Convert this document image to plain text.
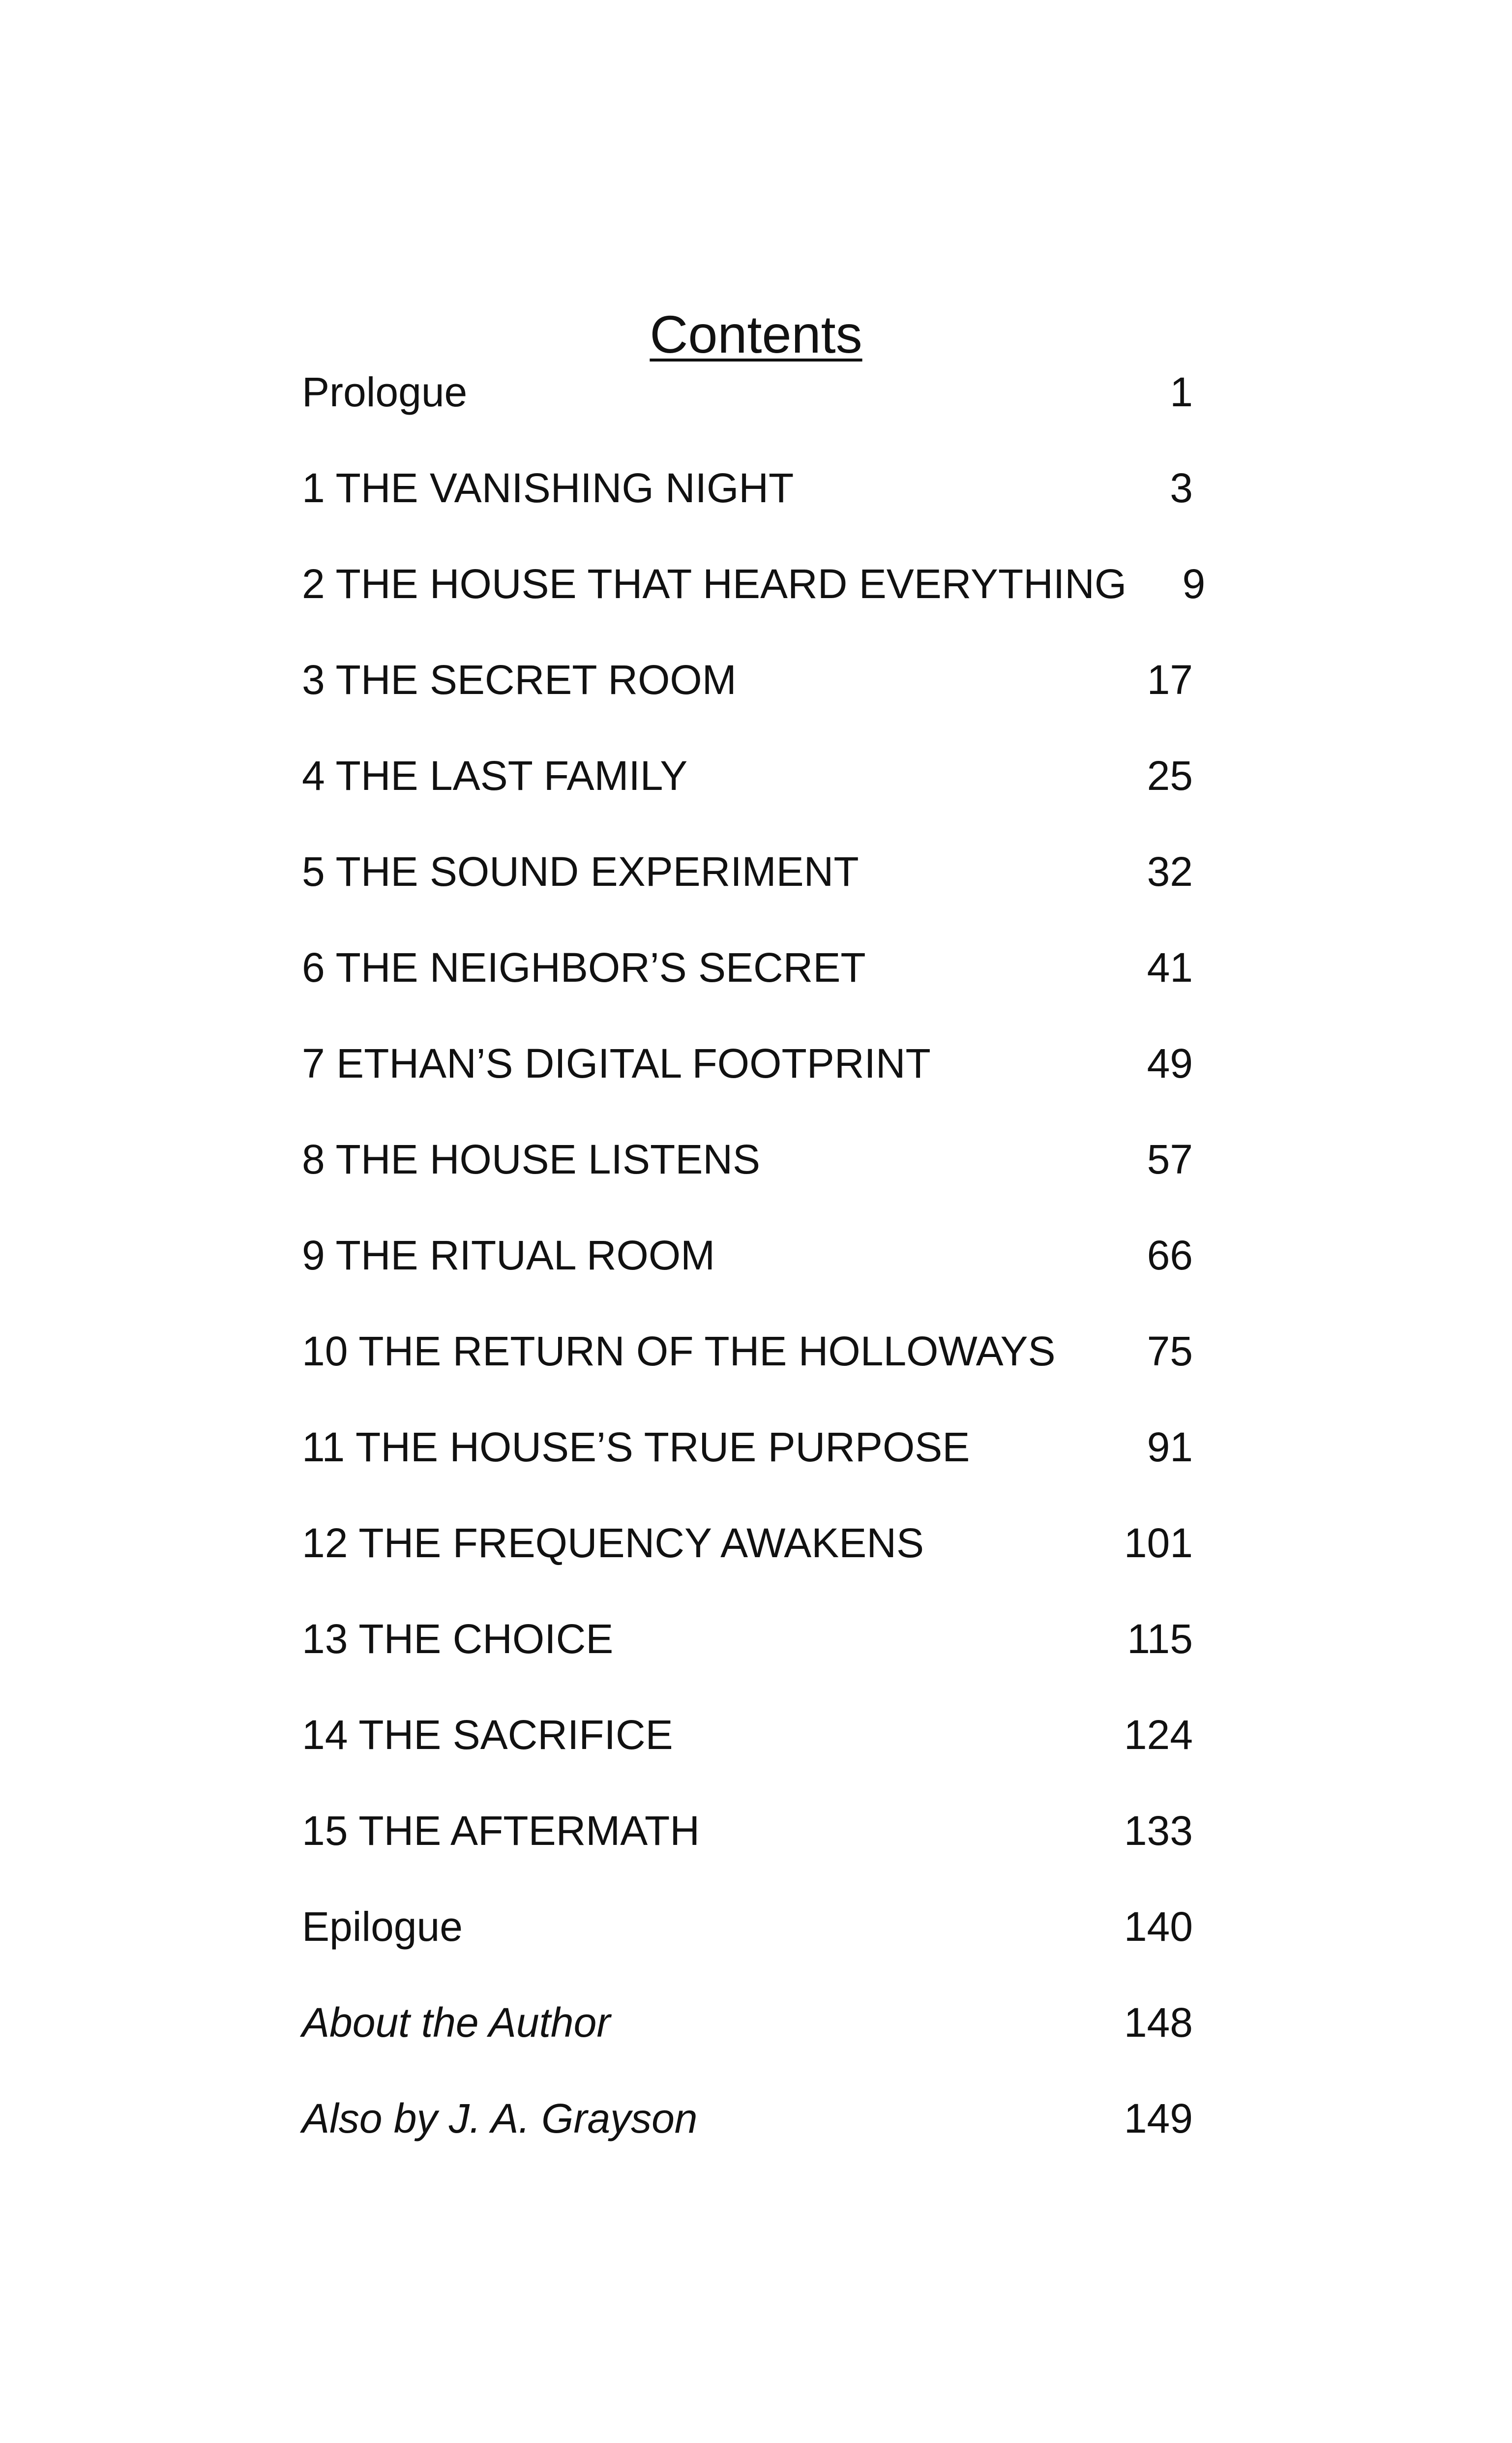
Contents
Prologue	1
1 THE VANISHING NIGHT	3
2 THE HOUSE THAT HEARD EVERYTHING	9
3 THE SECRET ROOM	17
4 THE LAST FAMILY	25
5 THE SOUND EXPERIMENT	32
6 THE NEIGHBOR’S SECRET	41
7 ETHAN’S DIGITAL FOOTPRINT	49
8 THE HOUSE LISTENS	57
9 THE RITUAL ROOM	66
10 THE RETURN OF THE HOLLOWAYS	75
11 THE HOUSE’S TRUE PURPOSE	91
12 THE FREQUENCY AWAKENS	101
13 THE CHOICE	115
14 THE SACRIFICE	124
15 THE AFTERMATH	133
Epilogue	140
About the Author	148
Also by J. A. Grayson	149
